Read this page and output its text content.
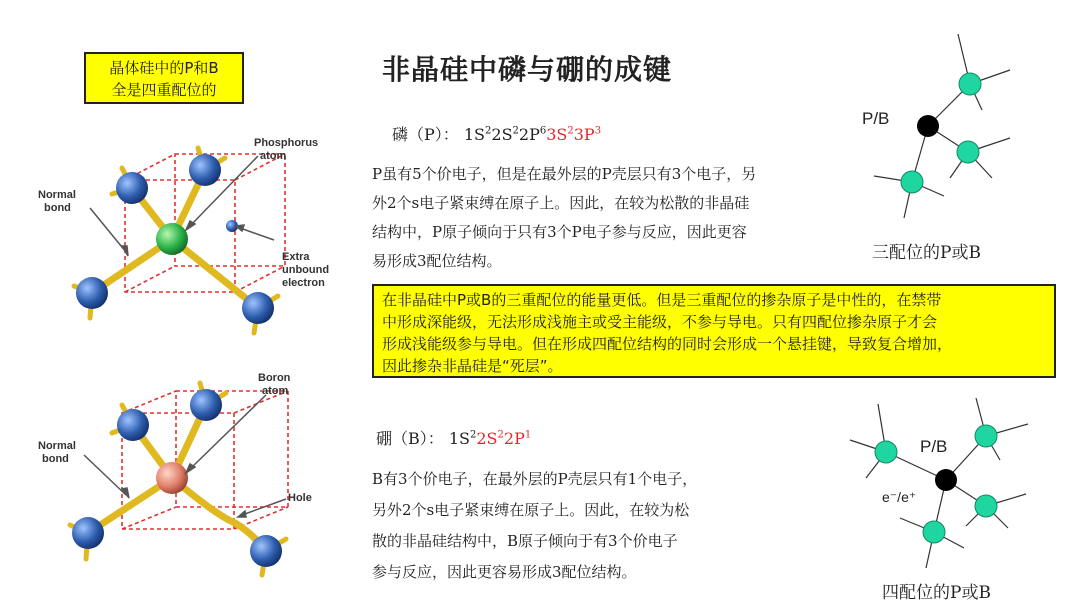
晶体硅中的P和B
全是四重配位的
非晶硅中磷与硼的成键
Phosphorus
atom
Normal
bond
Extra
unbound
electron
Boron
atom
Normal
bond
Hole
磷（P）： $1S^22S^22P^63S^23P^3$
P虽有5个价电子，但是在最外层的P壳层只有3个电子，另
外2个s电子紧束缚在原子上。因此，在较为松散的非晶硅
结构中，P原子倾向于只有3个P电子参与反应，因此更容
易形成3配位结构。
在非晶硅中P或B的三重配位的能量更低。但是三重配位的掺杂原子是中性的，在禁带
中形成深能级，无法形成浅施主或受主能级，不参与导电。只有四配位掺杂原子才会
形成浅能级参与导电。但在形成四配位结构的同时会形成一个悬挂键，导致复合增加，
因此掺杂非晶硅是“死层”。
硼（B）： $1S^22S^22P^1$
B有3个价电子，在最外层的P壳层只有1个电子，
另外2个s电子紧束缚在原子上。因此，在较为松
散的非晶硅结构中，B原子倾向于有3个价电子
参与反应，因此更容易形成3配位结构。
P/B
三配位的P或B
P/B
e⁻/e⁺
四配位的P或B
